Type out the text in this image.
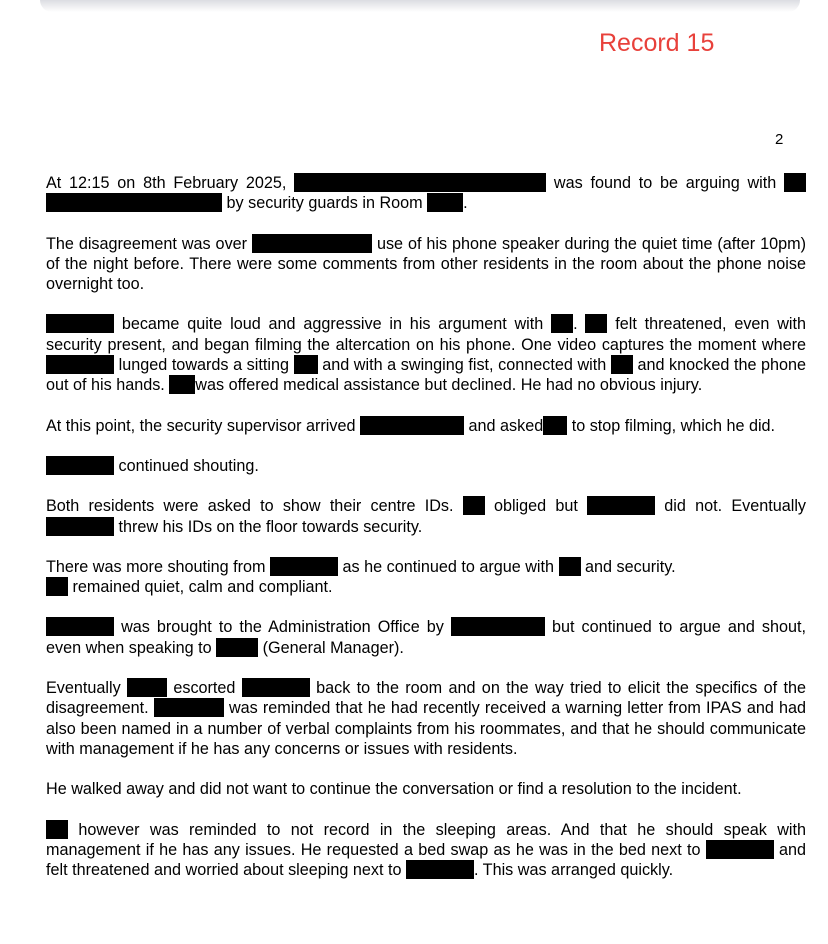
Record 15
2

At 12:15 on 8th February 2025,	was found to be arguing with   by security guards in Room	.

The disagreement was over	use of his phone speaker during the quiet time (after 10pm) of the night before. There were some comments from other residents in the room about the phone noise overnight too.

became quite loud and aggressive in his argument with . felt threatened, even with security present, and began filming the altercation on his phone. One video captures the moment where  lunged towards a sitting and with a swinging fist, connected with and knocked the phone out of his hands. was offered medical assistance but declined. He had no obvious injury.

At this point, the security supervisor arrived	and asked to stop filming, which he did.

continued shouting.

Both residents were asked to show their centre IDs. obliged but	did not. Eventually  threw his IDs on the floor towards security.

There was more shouting from	as he continued to argue with and security.
remained quiet, calm and compliant.

was brought to the Administration Office by	but continued to argue and shout, even when speaking to	(General Manager).

Eventually	escorted	back to the room and on the way tried to elicit the specifics of the disagreement.	was reminded that he had recently received a warning letter from IPAS and had also been named in a number of verbal complaints from his roommates, and that he should communicate with management if he has any concerns or issues with residents.

He walked away and did not want to continue the conversation or find a resolution to the incident.

however was reminded to not record in the sleeping areas. And that he should speak with management if he has any issues. He requested a bed swap as he was in the bed next to	and felt threatened and worried about sleeping next to	. This was arranged quickly.
